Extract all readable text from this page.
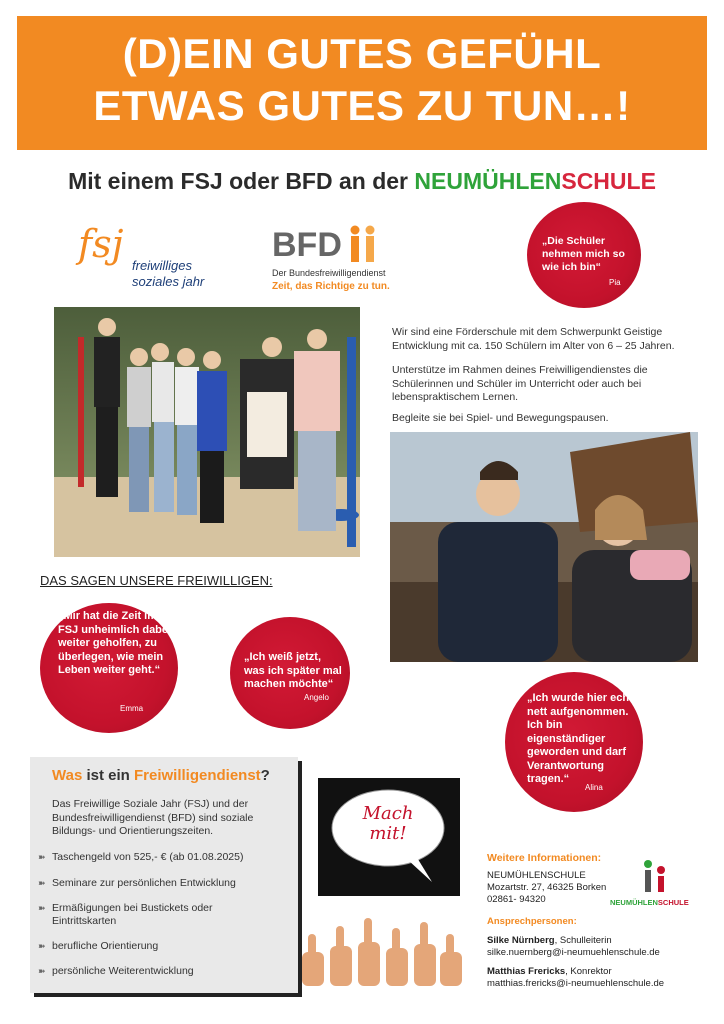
(D)EIN GUTES GEFÜHL
ETWAS GUTES ZU TUN…!
Mit einem FSJ oder BFD an der NEUMÜHLENSCHULE
fsj freiwilliges
soziales jahr
BFD
Der Bundesfreiwilligendienst
Zeit, das Richtige zu tun.
„Die Schüler nehmen mich so wie ich bin“
Pia
Wir sind eine Förderschule mit dem Schwerpunkt Geistige Entwicklung mit ca. 150 Schülern im Alter von 6 – 25 Jahren.
Unterstütze im Rahmen deines Freiwilligendienstes die Schülerinnen und Schüler im Unterricht oder auch bei lebenspraktischem Lernen.
Begleite sie bei Spiel- und Bewegungspausen.
DAS SAGEN UNSERE FREIWILLIGEN:
„Mir hat die Zeit im FSJ unheimlich dabei weiter geholfen, zu überlegen, wie mein Leben weiter geht.“
Emma
„Ich weiß jetzt, was ich später mal machen möchte“
Angelo	„Ich wurde hier echt nett aufgenommen. Ich bin eigenständiger geworden und darf Verantwortung tragen.“
Alina
Was ist ein Freiwilligendienst?
Das Freiwillige Soziale Jahr (FSJ) und der Bundesfreiwilligendienst (BFD) sind soziale Bildungs- und Orientierungszeiten.
➽ Taschengeld von 525,- € (ab 01.08.2025)
➽ Seminare zur persönlichen Entwicklung
➽ Ermäßigungen bei Bustickets oder Eintrittskarten
➽ berufliche Orientierung
➽ persönliche Weiterentwicklung
Mach mit!
Weitere Informationen:
NEUMÜHLENSCHULE
Mozartstr. 27, 46325 Borken
02861- 94320
Ansprechpersonen:
Silke Nürnberg, Schulleiterin
silke.nuernberg@i-neumuehlenschule.de
Matthias Frericks, Konrektor
matthias.frericks@i-neumuehlenschule.de
NEUMÜHLENSCHULE
